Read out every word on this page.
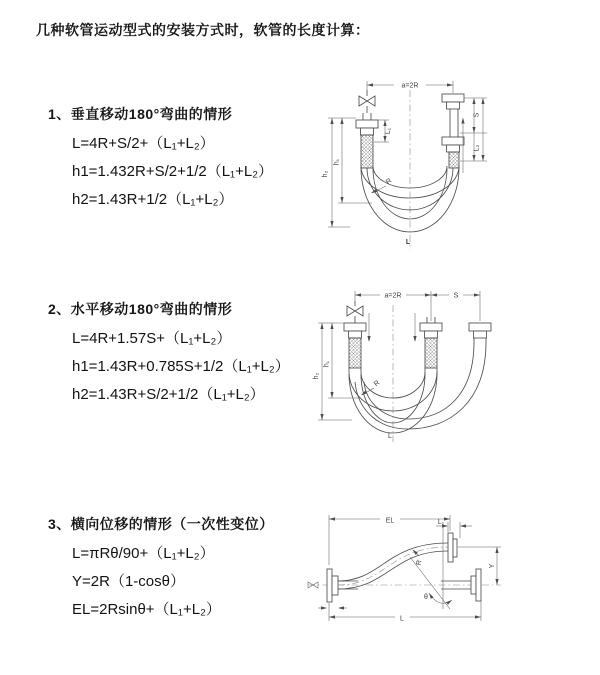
几种软管运动型式的安装方式时，软管的长度计算：
1、垂直移动180°弯曲的情形
L=4R+S/2+（L₁+L₂）
h1=1.432R+S/2+1/2（L₁+L₂）
h2=1.43R+1/2（L₁+L₂）
2、水平移动180°弯曲的情形
L=4R+1.57S+（L₁+L₂）
h1=1.43R+0.785S+1/2（L₁+L₂）
h2=1.43R+S/2+1/2（L₁+L₂）
3、横向位移的情形（一次性变位）
L=πRθ/90+（L₁+L₂）
Y=2R（1-cosθ）
EL=2Rsinθ+（L₁+L₂）
a=2R
h₂
h₁
S
L₂
L₁
R
L
a=2R	S
h₂
h₁
R
L
EL	L₁
Y
θ
R
L
